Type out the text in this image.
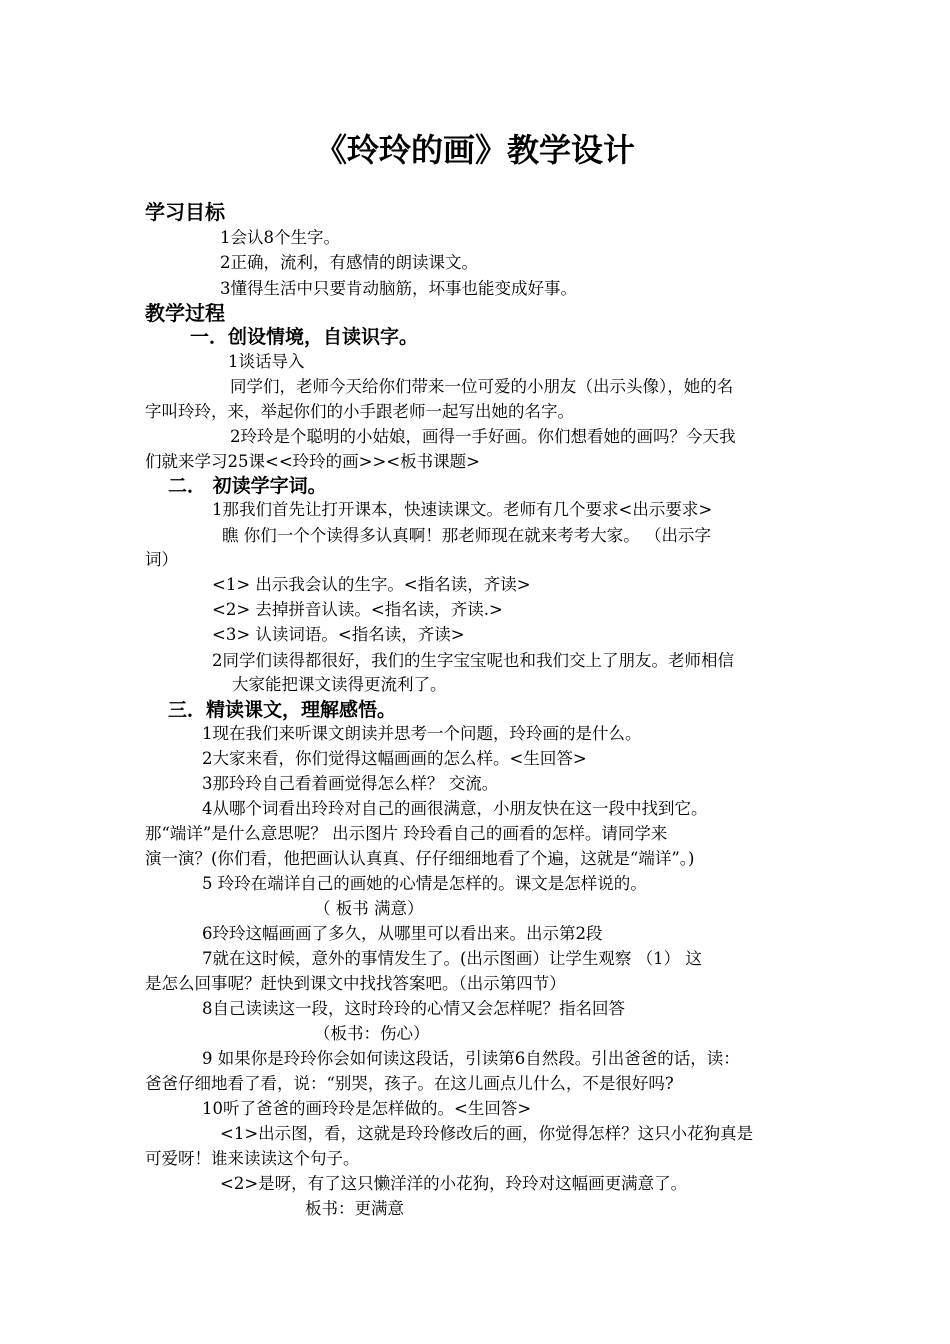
《玲玲的画》教学设计
学习目标
1会认8个生字。
2正确，流利，有感情的朗读课文。
3懂得生活中只要肯动脑筋，坏事也能变成好事。
教学过程
一．创设情境，自读识字。
1谈话导入
同学们，老师今天给你们带来一位可爱的小朋友（出示头像），她的名
字叫玲玲，来，举起你们的小手跟老师一起写出她的名字。
2玲玲是个聪明的小姑娘，画得一手好画。你们想看她的画吗？今天我
们就来学习25课<<玲玲的画>><板书课题>
二． 初读学字词。
1那我们首先让打开课本，快速读课文。老师有几个要求<出示要求>
瞧 你们一个个读得多认真啊！那老师现在就来考考大家。 （出示字
词）
<1> 出示我会认的生字。<指名读，齐读>
<2> 去掉拼音认读。<指名读，齐读.>
<3> 认读词语。<指名读，齐读>
2同学们读得都很好，我们的生字宝宝呢也和我们交上了朋友。老师相信
大家能把课文读得更流利了。
三．精读课文，理解感悟。
1现在我们来听课文朗读并思考一个问题，玲玲画的是什么。
2大家来看，你们觉得这幅画画的怎么样。<生回答>
3那玲玲自己看着画觉得怎么样？ 交流。
4从哪个词看出玲玲对自己的画很满意，小朋友快在这一段中找到它。
那“端详”是什么意思呢？ 出示图片 玲玲看自己的画看的怎样。请同学来
演一演？(你们看，他把画认认真真、仔仔细细地看了个遍，这就是“端详”。)
5 玲玲在端详自己的画她的心情是怎样的。课文是怎样说的。
（ 板书 满意）
6玲玲这幅画画了多久，从哪里可以看出来。出示第2段
7就在这时候，意外的事情发生了。(出示图画）让学生观察 （1） 这
是怎么回事呢？赶快到课文中找找答案吧。（出示第四节）
8自己读读这一段，这时玲玲的心情又会怎样呢？指名回答
（板书：伤心）
9 如果你是玲玲你会如何读这段话，引读第6自然段。引出爸爸的话，读：
爸爸仔细地看了看，说：“别哭，孩子。在这儿画点儿什么，不是很好吗?
10听了爸爸的画玲玲是怎样做的。<生回答>
<1>出示图，看，这就是玲玲修改后的画，你觉得怎样？这只小花狗真是
可爱呀！谁来读读这个句子。
<2>是呀，有了这只懒洋洋的小花狗，玲玲对这幅画更满意了。
板书：更满意
